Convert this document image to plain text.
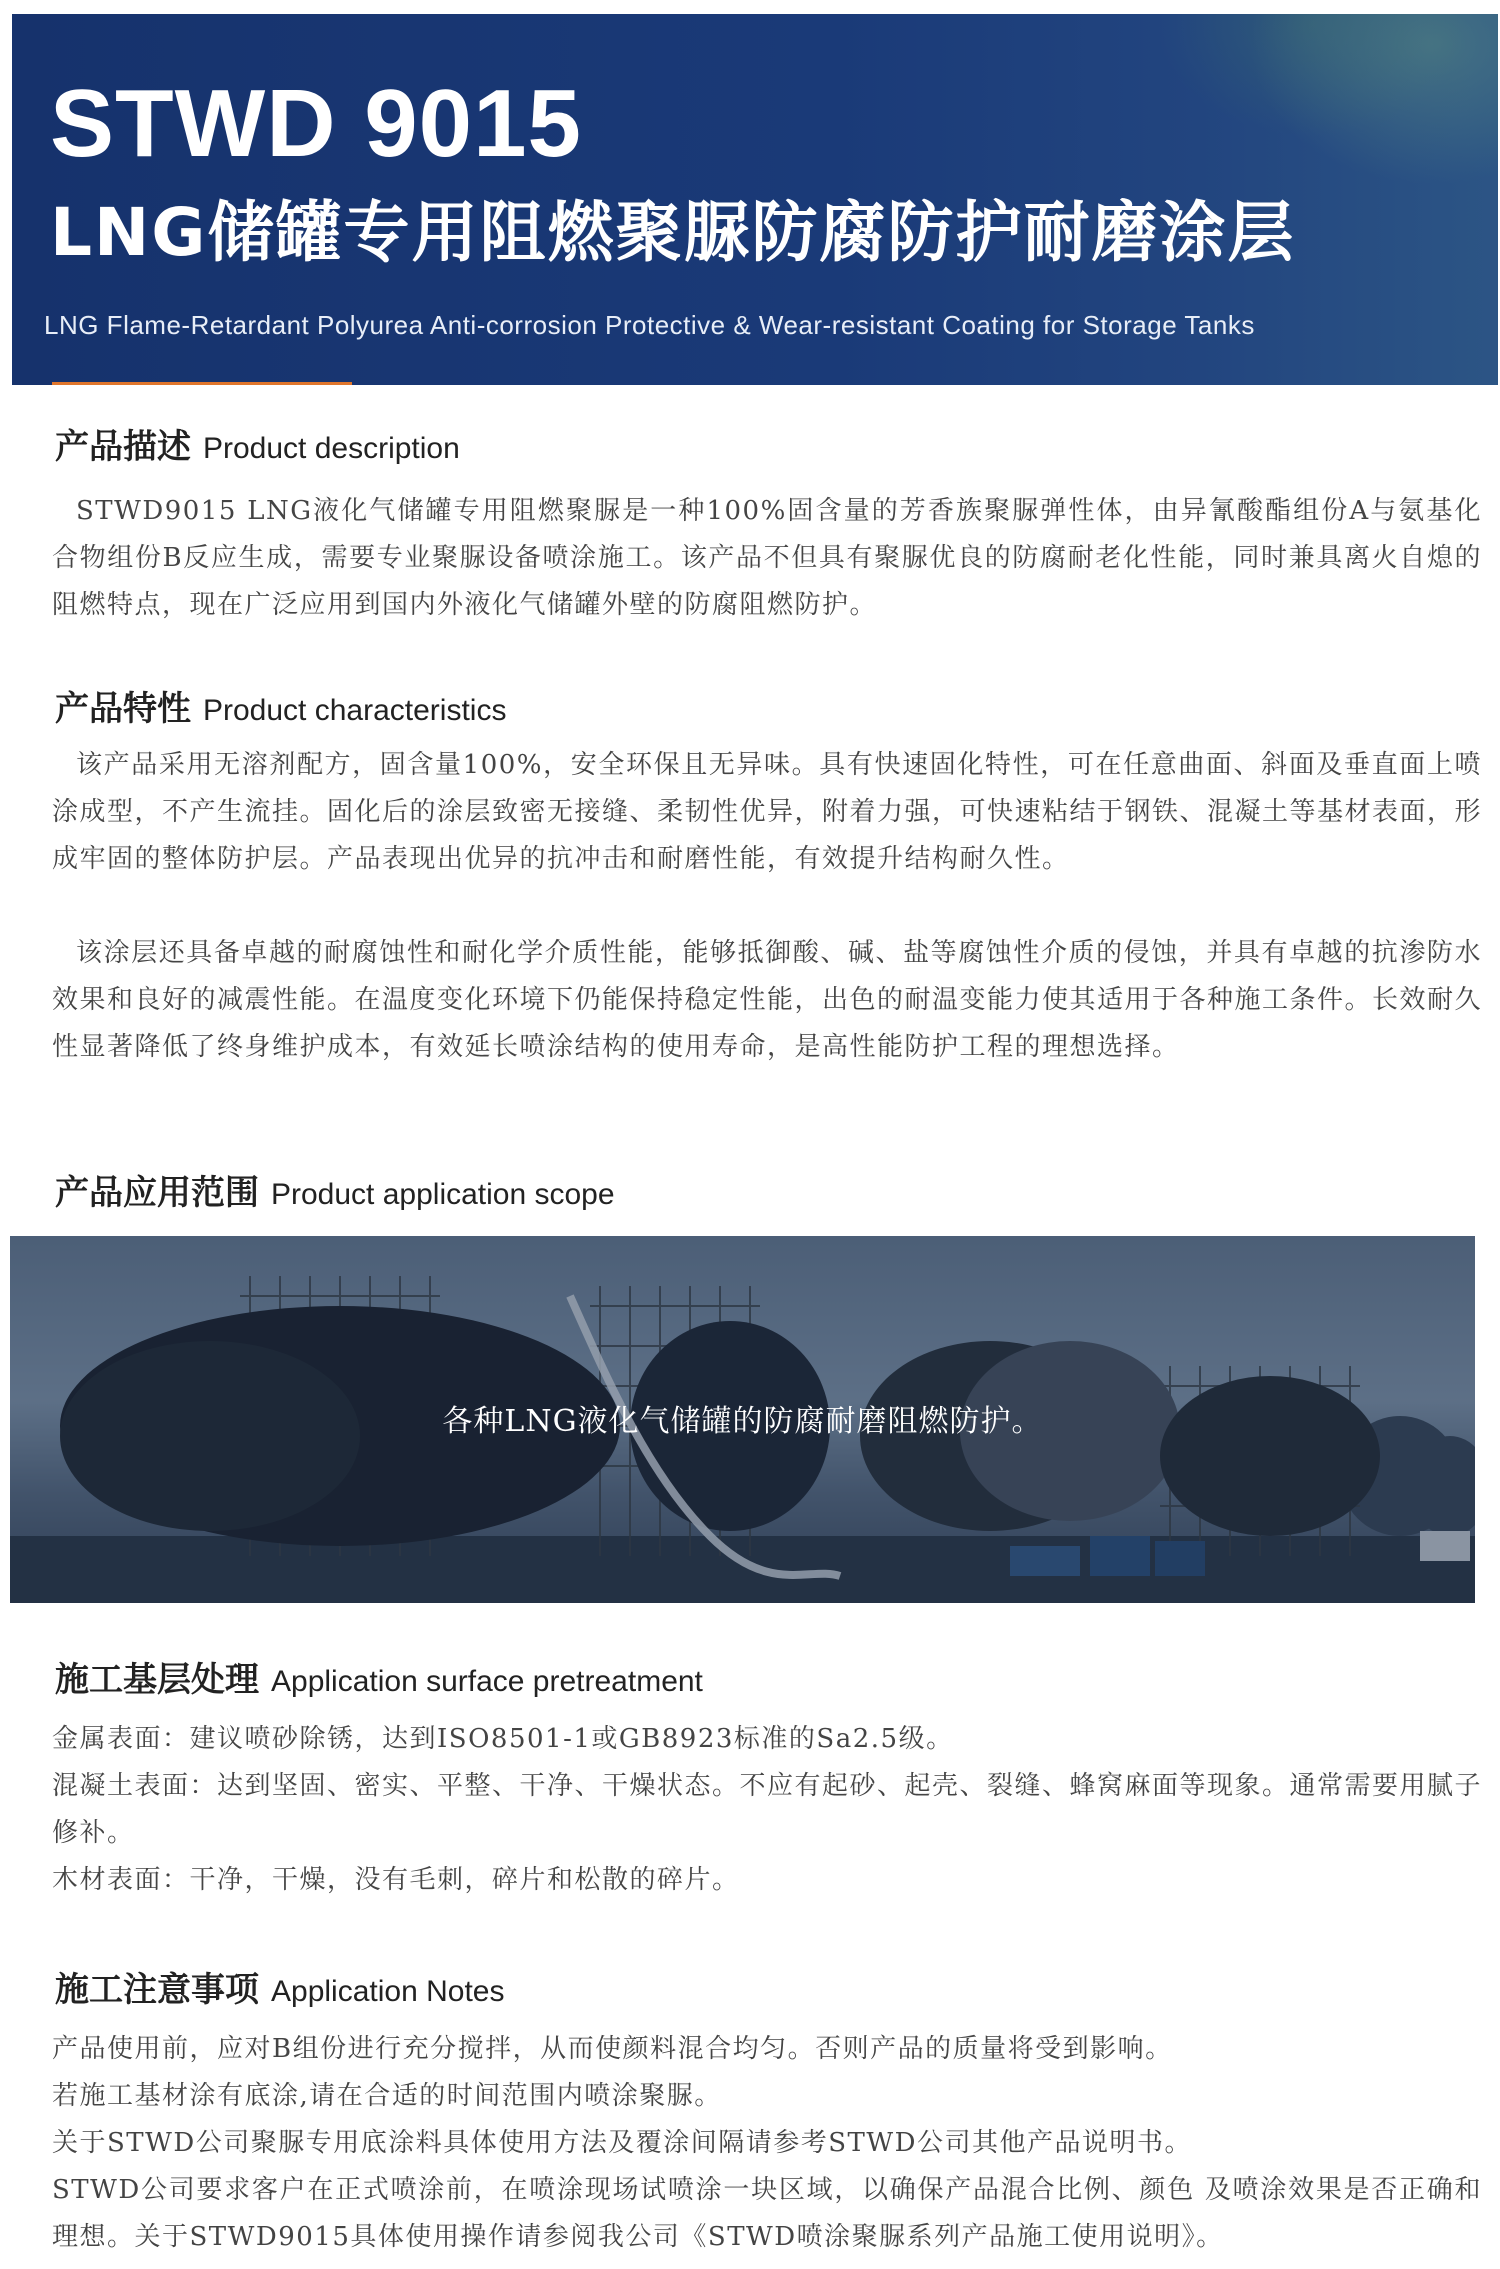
STWD 9015
LNG储罐专用阻燃聚脲防腐防护耐磨涂层
LNG Flame-Retardant Polyurea Anti-corrosion Protective & Wear-resistant Coating for Storage Tanks
产品描述 Product description
STWD9015 LNG液化气储罐专用阻燃聚脲是一种100%固含量的芳香族聚脲弹性体，由异氰酸酯组份A与氨基化合物组份B反应生成，需要专业聚脲设备喷涂施工。该产品不但具有聚脲优良的防腐耐老化性能，同时兼具离火自熄的阻燃特点，现在广泛应用到国内外液化气储罐外壁的防腐阻燃防护。
产品特性 Product characteristics
该产品采用无溶剂配方，固含量100%，安全环保且无异味。具有快速固化特性，可在任意曲面、斜面及垂直面上喷涂成型，不产生流挂。固化后的涂层致密无接缝、柔韧性优异，附着力强，可快速粘结于钢铁、混凝土等基材表面，形成牢固的整体防护层。产品表现出优异的抗冲击和耐磨性能，有效提升结构耐久性。
该涂层还具备卓越的耐腐蚀性和耐化学介质性能，能够抵御酸、碱、盐等腐蚀性介质的侵蚀，并具有卓越的抗渗防水效果和良好的减震性能。在温度变化环境下仍能保持稳定性能，出色的耐温变能力使其适用于各种施工条件。长效耐久性显著降低了终身维护成本，有效延长喷涂结构的使用寿命，是高性能防护工程的理想选择。
产品应用范围 Product application scope
各种LNG液化气储罐的防腐耐磨阻燃防护。
施工基层处理 Application surface pretreatment
金属表面：建议喷砂除锈，达到ISO8501-1或GB8923标准的Sa2.5级。
混凝土表面：达到坚固、密实、平整、干净、干燥状态。不应有起砂、起壳、裂缝、蜂窝麻面等现象。通常需要用腻子修补。
木材表面：干净，干燥，没有毛刺，碎片和松散的碎片。
施工注意事项 Application Notes
产品使用前，应对B组份进行充分搅拌，从而使颜料混合均匀。否则产品的质量将受到影响。
若施工基材涂有底涂,请在合适的时间范围内喷涂聚脲。
关于STWD公司聚脲专用底涂料具体使用方法及覆涂间隔请参考STWD公司其他产品说明书。
STWD公司要求客户在正式喷涂前，在喷涂现场试喷涂一块区域，以确保产品混合比例、颜色 及喷涂效果是否正确和理想。关于STWD9015具体使用操作请参阅我公司《STWD喷涂聚脲系列产品施工使用说明》。
